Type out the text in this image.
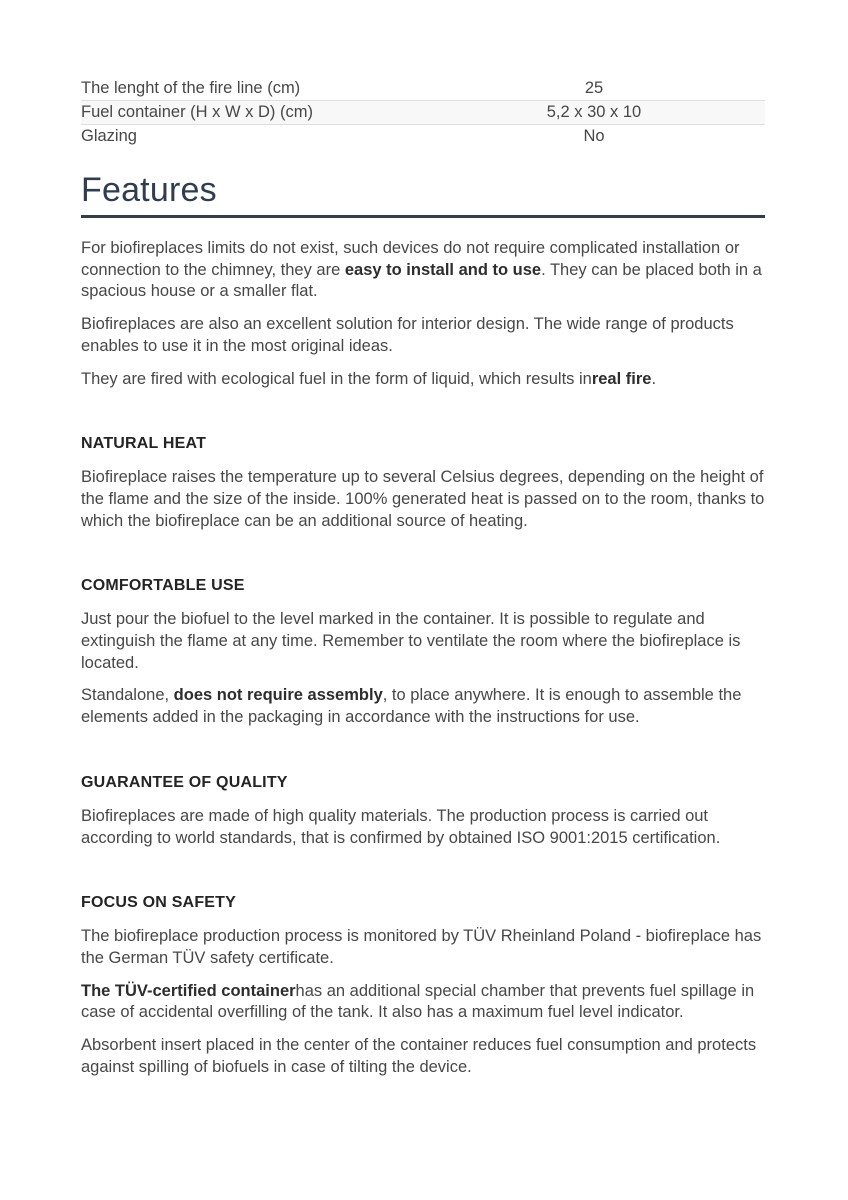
The lenght of the fire line (cm)	25
Fuel container (H x W x D) (cm)	5,2 x 30 x 10
Glazing	No
Features

For biofireplaces limits do not exist, such devices do not require complicated installation or connection to the chimney, they are easy to install and to use. They can be placed both in a spacious house or a smaller flat.

Biofireplaces are also an excellent solution for interior design. The wide range of products enables to use it in the most original ideas.

They are fired with ecological fuel in the form of liquid, which results inreal fire.

NATURAL HEAT

Biofireplace raises the temperature up to several Celsius degrees, depending on the height of the flame and the size of the inside. 100% generated heat is passed on to the room, thanks to which the biofireplace can be an additional source of heating.

COMFORTABLE USE

Just pour the biofuel to the level marked in the container. It is possible to regulate and extinguish the flame at any time. Remember to ventilate the room where the biofireplace is located.

Standalone, does not require assembly, to place anywhere. It is enough to assemble the elements added in the packaging in accordance with the instructions for use.

GUARANTEE OF QUALITY

Biofireplaces are made of high quality materials. The production process is carried out according to world standards, that is confirmed by obtained ISO 9001:2015 certification.

FOCUS ON SAFETY

The biofireplace production process is monitored by TÜV Rheinland Poland - biofireplace has the German TÜV safety certificate.

The TÜV-certified containerhas an additional special chamber that prevents fuel spillage in case of accidental overfilling of the tank. It also has a maximum fuel level indicator.

Absorbent insert placed in the center of the container reduces fuel consumption and protects against spilling of biofuels in case of tilting the device.
